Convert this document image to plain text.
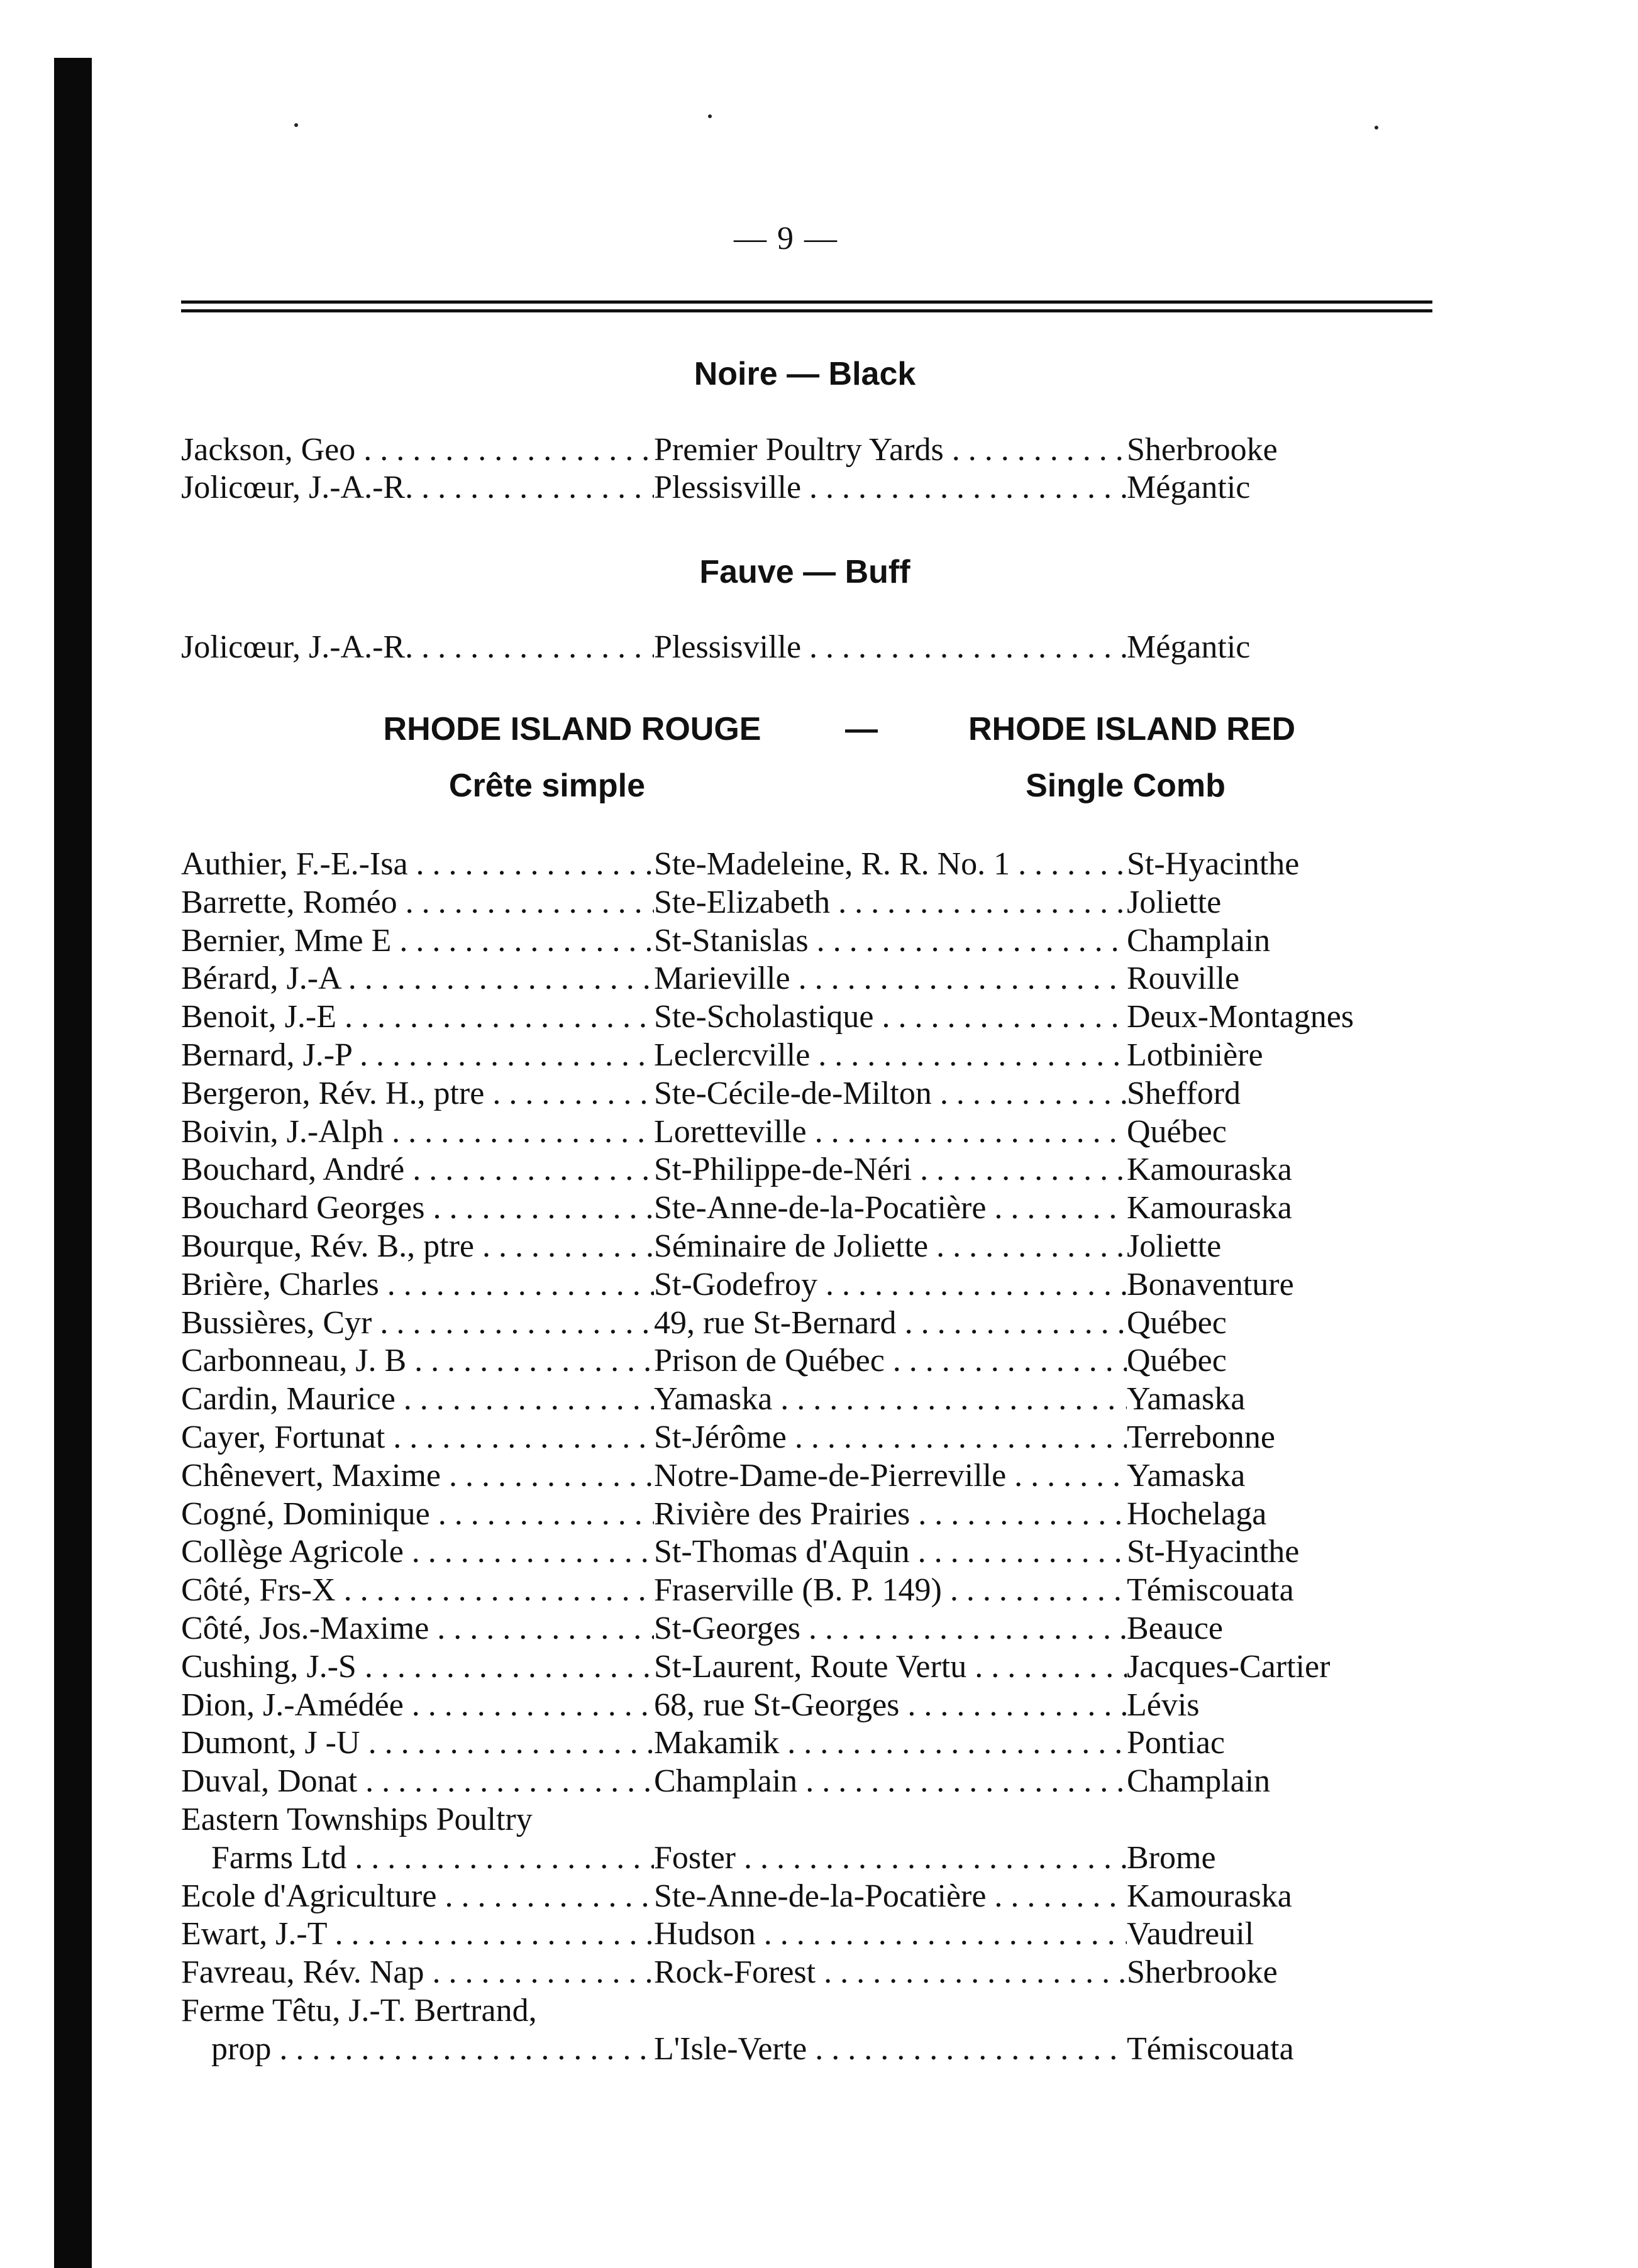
— 9 —
Noire — Black
Fauve — Buff
RHODE ISLAND ROUGE	—	RHODE ISLAND RED
Crête simple	Single Comb
Jackson, Geo . . .	Premier Poultry Yards . . .	Sherbrooke
Jolicœur, J.-A.-R. . . .	Plessisville . . .	Mégantic
Jolicœur, J.-A.-R. . . .	Plessisville . . .	Mégantic
Authier, F.-E.-Isa . . .	Ste-Madeleine, R. R. No. 1 . . .	St-Hyacinthe
Barrette, Roméo . . .	Ste-Elizabeth . . .	Joliette
Bernier, Mme E . . .	St-Stanislas . . .	Champlain
Bérard, J.-A . . .	Marieville . . .	Rouville
Benoit, J.-E . . .	Ste-Scholastique . . .	Deux-Montagnes
Bernard, J.-P . . .	Leclercville . . .	Lotbinière
Bergeron, Rév. H., ptre . . .	Ste-Cécile-de-Milton . . .	Shefford
Boivin, J.-Alph . . .	Loretteville . . .	Québec
Bouchard, André . . .	St-Philippe-de-Néri . . .	Kamouraska
Bouchard Georges . . .	Ste-Anne-de-la-Pocatière . . .	Kamouraska
Bourque, Rév. B., ptre . . .	Séminaire de Joliette . . .	Joliette
Brière, Charles . . .	St-Godefroy . . .	Bonaventure
Bussières, Cyr . . .	49, rue St-Bernard . . .	Québec
Carbonneau, J. B . . .	Prison de Québec . . .	Québec
Cardin, Maurice . . .	Yamaska . . .	Yamaska
Cayer, Fortunat . . .	St-Jérôme . . .	Terrebonne
Chênevert, Maxime . . .	Notre-Dame-de-Pierreville . . .	Yamaska
Cogné, Dominique . . .	Rivière des Prairies . . .	Hochelaga
Collège Agricole . . .	St-Thomas d'Aquin . . .	St-Hyacinthe
Côté, Frs-X . . .	Fraserville (B. P. 149) . . .	Témiscouata
Côté, Jos.-Maxime . . .	St-Georges . . .	Beauce
Cushing, J.-S . . .	St-Laurent, Route Vertu . . .	Jacques-Cartier
Dion, J.-Amédée . . .	68, rue St-Georges . . .	Lévis
Dumont, J -U . . .	Makamik . . .	Pontiac
Duval, Donat . . .	Champlain . . .	Champlain
Eastern Townships Poultry
Farms Ltd . . .	Foster . . .	Brome
Ecole d'Agriculture . . .	Ste-Anne-de-la-Pocatière . . .	Kamouraska
Ewart, J.-T . . .	Hudson . . .	Vaudreuil
Favreau, Rév. Nap . . .	Rock-Forest . . .	Sherbrooke
Ferme Têtu, J.-T. Bertrand,
prop . . .	L'Isle-Verte . . .	Témiscouata
